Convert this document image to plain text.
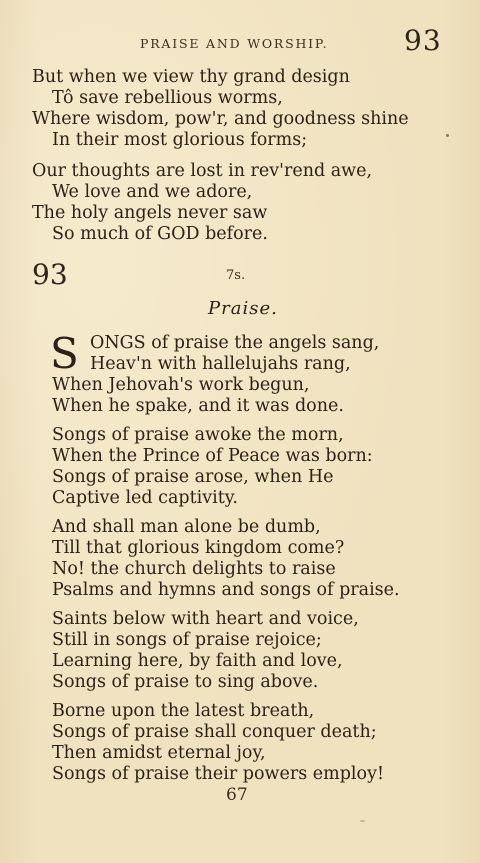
PRAISE AND WORSHIP.	93
But when we view thy grand design
Tô save rebellious worms,
Where wisdom, pow'r, and goodness shine
In their most glorious forms;
Our thoughts are lost in rev'rend awe,
We love and we adore,
The holy angels never saw
So much of GOD before.
93	7s.
Praise.
S ONGS of praise the angels sang,
Heav'n with hallelujahs rang,
When Jehovah's work begun,
When he spake, and it was done.
Songs of praise awoke the morn,
When the Prince of Peace was born:
Songs of praise arose, when He
Captive led captivity.
And shall man alone be dumb,
Till that glorious kingdom come?
No! the church delights to raise
Psalms and hymns and songs of praise.
Saints below with heart and voice,
Still in songs of praise rejoice;
Learning here, by faith and love,
Songs of praise to sing above.
Borne upon the latest breath,
Songs of praise shall conquer death;
Then amidst eternal joy,
Songs of praise their powers employ!
67
